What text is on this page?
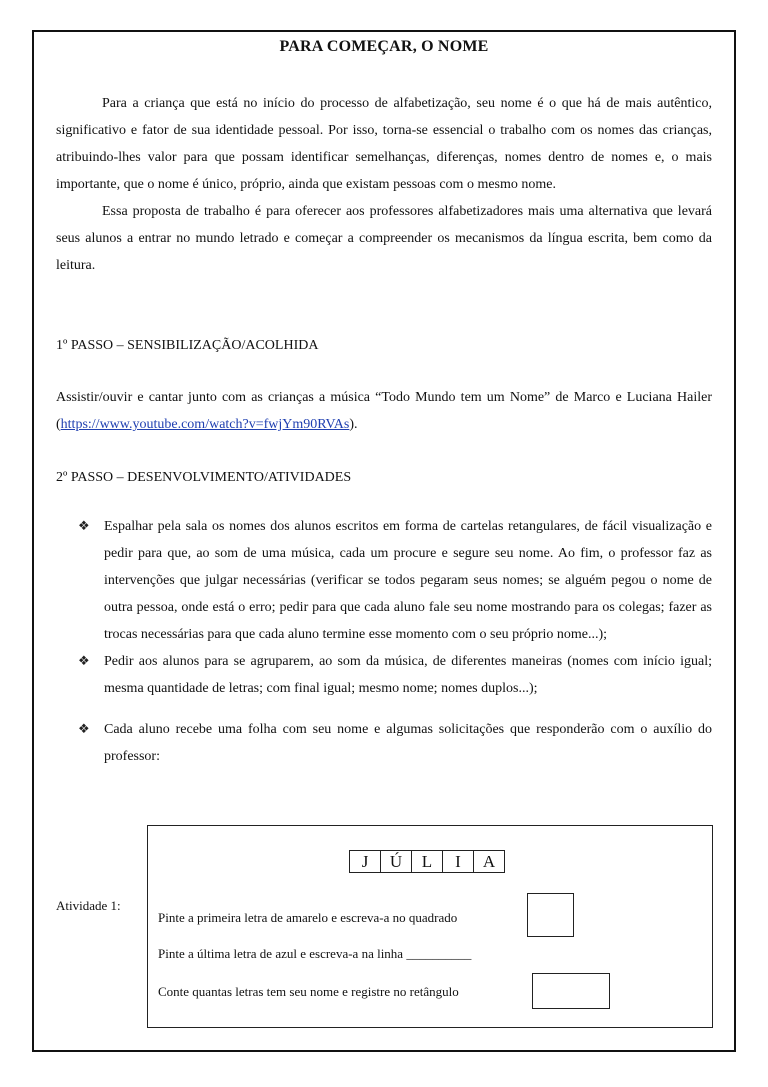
PARA COMEÇAR, O NOME

Para a criança que está no início do processo de alfabetização, seu nome é o que há de mais autêntico, significativo e fator de sua identidade pessoal. Por isso, torna-se essencial o trabalho com os nomes das crianças, atribuindo-lhes valor para que possam identificar semelhanças, diferenças, nomes dentro de nomes e, o mais importante, que o nome é único, próprio, ainda que existam pessoas com o mesmo nome.

Essa proposta de trabalho é para oferecer aos professores alfabetizadores mais uma alternativa que levará seus alunos a entrar no mundo letrado e começar a compreender os mecanismos da língua escrita, bem como da leitura.

1º PASSO – SENSIBILIZAÇÃO/ACOLHIDA

Assistir/ouvir e cantar junto com as crianças a música “Todo Mundo tem um Nome” de Marco e Luciana Hailer (https://www.youtube.com/watch?v=fwjYm90RVAs).

2º PASSO – DESENVOLVIMENTO/ATIVIDADES
❖ Espalhar pela sala os nomes dos alunos escritos em forma de cartelas retangulares, de fácil visualização e pedir para que, ao som de uma música, cada um procure e segure seu nome. Ao fim, o professor faz as intervenções que julgar necessárias (verificar se todos pegaram seus nomes; se alguém pegou o nome de outra pessoa, onde está o erro; pedir para que cada aluno fale seu nome mostrando para os colegas; fazer as trocas necessárias para que cada aluno termine esse momento com o seu próprio nome...);
❖ Pedir aos alunos para se agruparem, ao som da música, de diferentes maneiras (nomes com início igual; mesma quantidade de letras; com final igual; mesmo nome; nomes duplos...);
❖ Cada aluno recebe uma folha com seu nome e algumas solicitações que responderão com o auxílio do professor:
Atividade 1:
J	Ú	L	I	A
Pinte a primeira letra de amarelo e escreva-a no quadrado
Pinte a última letra de azul e escreva-a na linha __________
Conte quantas letras tem seu nome e registre no retângulo
